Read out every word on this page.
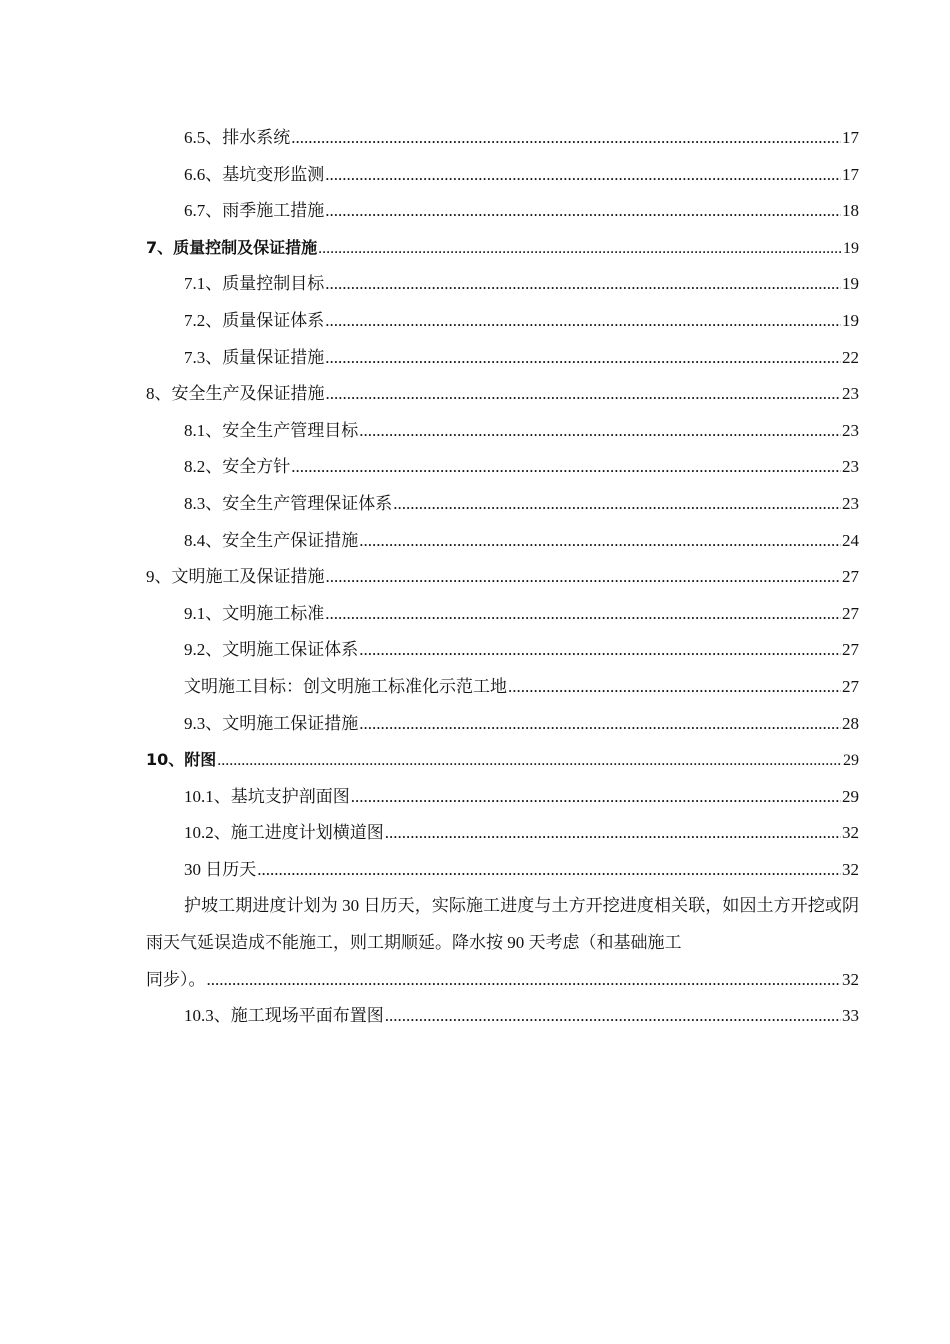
6.5、排水系统 .....	17
6.6、基坑变形监测 .....	17
6.7、雨季施工措施 .....	18
7、质量控制及保证措施 .....	19
7.1、质量控制目标 .....	19
7.2、质量保证体系 .....	19
7.3、质量保证措施 .....	22
8、安全生产及保证措施 .....	23
8.1、安全生产管理目标 .....	23
8.2、安全方针 .....	23
8.3、安全生产管理保证体系 .....	23
8.4、安全生产保证措施 .....	24
9、文明施工及保证措施 .....	27
9.1、文明施工标准 .....	27
9.2、文明施工保证体系 .....	27
文明施工目标：创文明施工标准化示范工地 .....	27
9.3、文明施工保证措施 .....	28
10、附图 .....	29
10.1、基坑支护剖面图 .....	29
10.2、施工进度计划横道图 .....	32
30 日历天 .....	32

护坡工期进度计划为 30 日历天，实际施工进度与土方开挖进度相关联，如因土方开挖或阴雨天气延误造成不能施工，则工期顺延。降水按 90 天考虑（和基础施工

同步）。 .....	32
10.3、施工现场平面布置图 .....	33
